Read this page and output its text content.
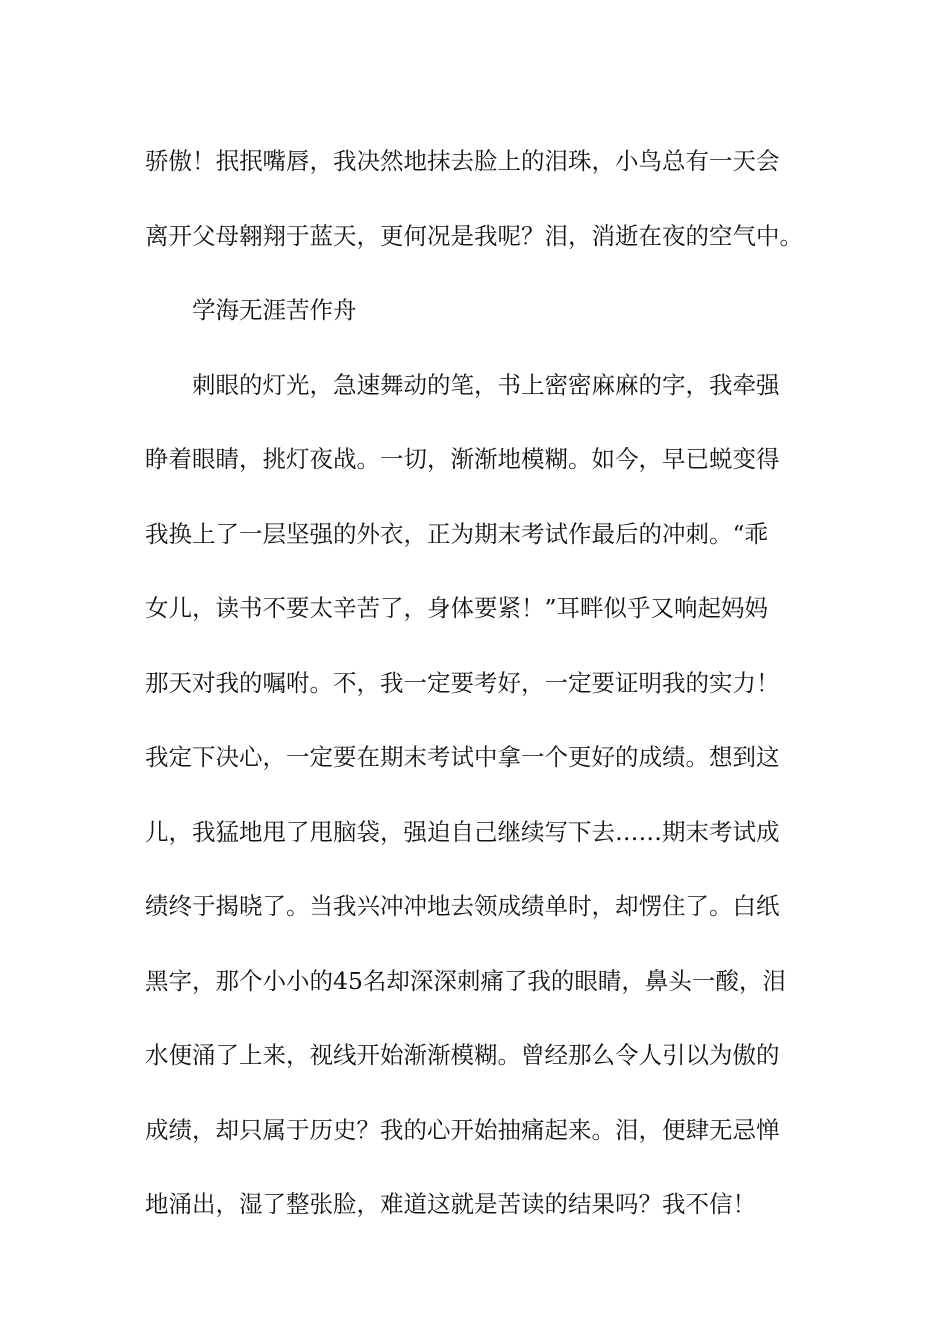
骄傲！抿抿嘴唇，我决然地抹去脸上的泪珠，小鸟总有一天会
离开父母翱翔于蓝天，更何况是我呢？泪，消逝在夜的空气中。
学海无涯苦作舟
刺眼的灯光，急速舞动的笔，书上密密麻麻的字，我牵强
睁着眼睛，挑灯夜战。一切，渐渐地模糊。如今，早已蜕变得
我换上了一层坚强的外衣，正为期末考试作最后的冲刺。“乖
女儿，读书不要太辛苦了，身体要紧！”耳畔似乎又响起妈妈
那天对我的嘱咐。不，我一定要考好，一定要证明我的实力！
我定下决心，一定要在期末考试中拿一个更好的成绩。想到这
儿，我猛地甩了甩脑袋，强迫自己继续写下去……期末考试成
绩终于揭晓了。当我兴冲冲地去领成绩单时，却愣住了。白纸
黑字，那个小小的45名却深深刺痛了我的眼睛，鼻头一酸，泪
水便涌了上来，视线开始渐渐模糊。曾经那么令人引以为傲的
成绩，却只属于历史？我的心开始抽痛起来。泪，便肆无忌惮
地涌出，湿了整张脸，难道这就是苦读的结果吗？我不信！
